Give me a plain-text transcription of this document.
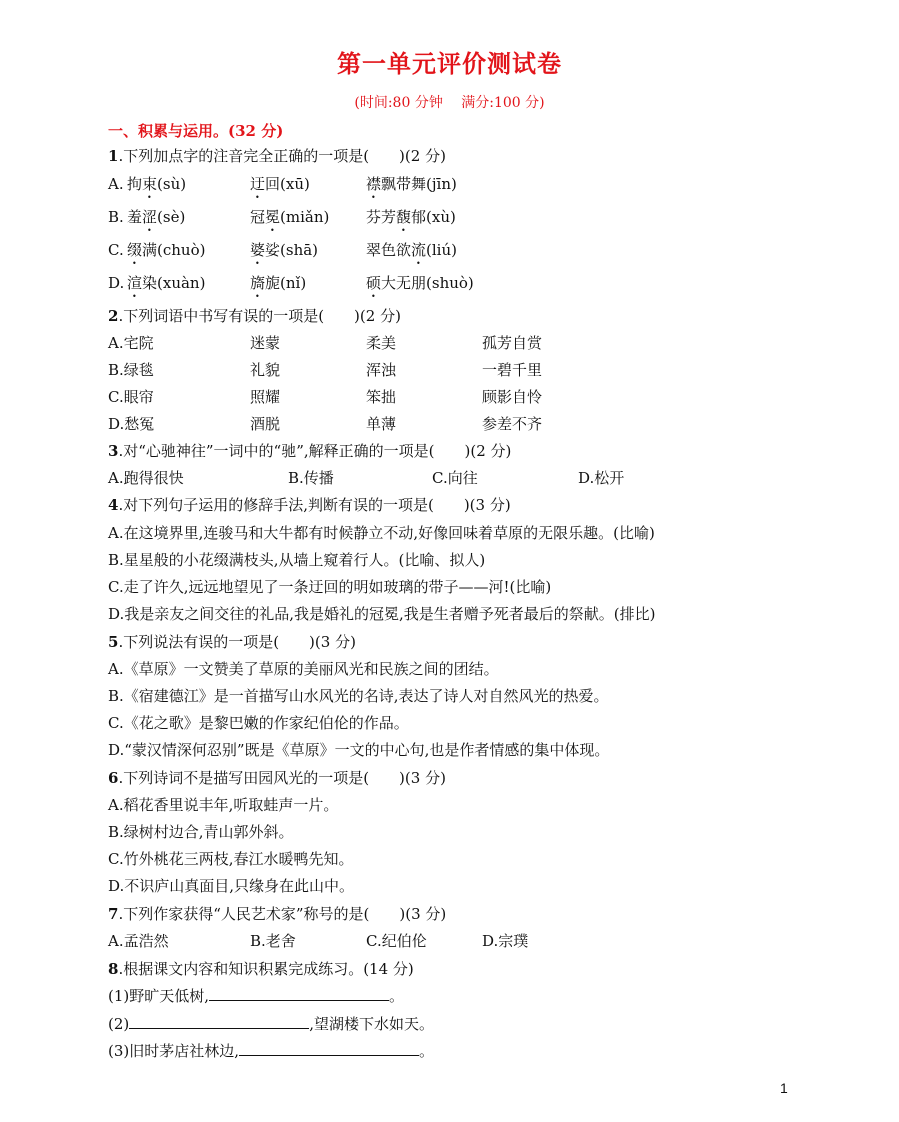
第一单元评价测试卷
(时间:80 分钟　 满分:100 分)
一、积累与运用。(32 分)
1.下列加点字的注音完全正确的一项是(　　)(2 分)
A. 拘束(sù)	迂回(xū)	襟飘带舞(jīn)
B. 羞涩(sè)	冠冕(miǎn) 芬芳馥郁(xù)
C. 缀满(chuò)	婆娑(shā)	翠色欲流(liú)
D. 渲染(xuàn)	旖旎(nǐ)	硕大无朋(shuò)
2.下列词语中书写有误的一项是(　　)(2 分)
A.宅院	迷蒙	柔美	孤芳自赏
B.绿毯	礼貌	浑浊	一碧千里
C.眼帘	照耀	笨拙	顾影自怜
D.愁冤	酒脱	单薄	参差不齐
3.对“心驰神往”一词中的“驰”,解释正确的一项是(　　)(2 分)
A.跑得很快	B.传播	C.向往	D.松开
4.对下列句子运用的修辞手法,判断有误的一项是(　　)(3 分)
A.在这境界里,连骏马和大牛都有时候静立不动,好像回味着草原的无限乐趣。(比喻)
B.星星般的小花缀满枝头,从墙上窥着行人。(比喻、拟人)
C.走了许久,远远地望见了一条迂回的明如玻璃的带子——河!(比喻)
D.我是亲友之间交往的礼品,我是婚礼的冠冕,我是生者赠予死者最后的祭献。(排比)
5.下列说法有误的一项是(　　)(3 分)
A.《草原》一文赞美了草原的美丽风光和民族之间的团结。
B.《宿建德江》是一首描写山水风光的名诗,表达了诗人对自然风光的热爱。
C.《花之歌》是黎巴嫩的作家纪伯伦的作品。
D.“蒙汉情深何忍别”既是《草原》一文的中心句,也是作者情感的集中体现。
6.下列诗词不是描写田园风光的一项是(　　)(3 分)
A.稻花香里说丰年,听取蛙声一片。
B.绿树村边合,青山郭外斜。
C.竹外桃花三两枝,春江水暖鸭先知。
D.不识庐山真面目,只缘身在此山中。
7.下列作家获得“人民艺术家”称号的是(　　)(3 分)
A.孟浩然	B.老舍	C.纪伯伦	D.宗璞
8.根据课文内容和知识积累完成练习。(14 分)
(1)野旷天低树,	。
(2)	,望湖楼下水如天。
(3)旧时茅店社林边,	。
1
